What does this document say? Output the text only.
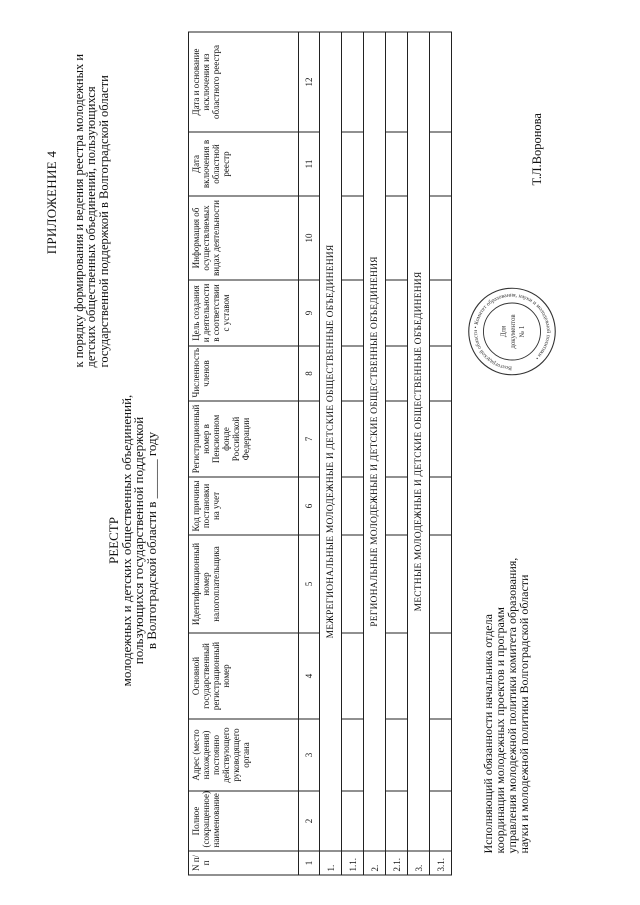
ПРИЛОЖЕНИЕ 4 к порядку формирования и ведения реестра молодежных и детских общественных объединений, пользующихся государственной поддержкой в Волгоградской области
РЕЕСТР
молодежных и детских общественных объединений,
пользующихся государственной поддержкой
в Волгоградской области в ______ году
N п/п	Полное (сокращенное) наименование	Адрес (место нахождения) постоянно действующего руководящего органа	Основной государственный регистрационный номер	Идентификационный номер налогоплательщика	Код причины постановки на учет	Регистрационный номер в Пенсионном фонде Российской Федерации	Численность членов	Цель создания и деятельности в соответствии с уставом	Информация об осуществляемых видах деятельности	Дата включения в областной реестр	Дата и основание исключения из областного реестра
1	2	3	4	5	6	7	8	9	10	11	12
1.	МЕЖРЕГИОНАЛЬНЫЕ МОЛОДЕЖНЫЕ И ДЕТСКИЕ ОБЩЕСТВЕННЫЕ ОБЪЕДИНЕНИЯ										
1.1.											
2.	РЕГИОНАЛЬНЫЕ МОЛОДЕЖНЫЕ И ДЕТСКИЕ ОБЩЕСТВЕННЫЕ ОБЪЕДИНЕНИЯ										
2.1.											
3.	МЕСТНЫЕ МОЛОДЕЖНЫЕ И ДЕТСКИЕ ОБЩЕСТВЕННЫЕ ОБЪЕДИНЕНИЯ										
3.1.											
Исполняющий обязанности начальника отдела координации молодежных проектов и программ управления молодежной политики комитета образования, науки и молодежной политики Волгоградской области
Волгоградской области • Комитет образования, науки и молодежной политики •
Для документов № 1
Т.Л.Воронова
